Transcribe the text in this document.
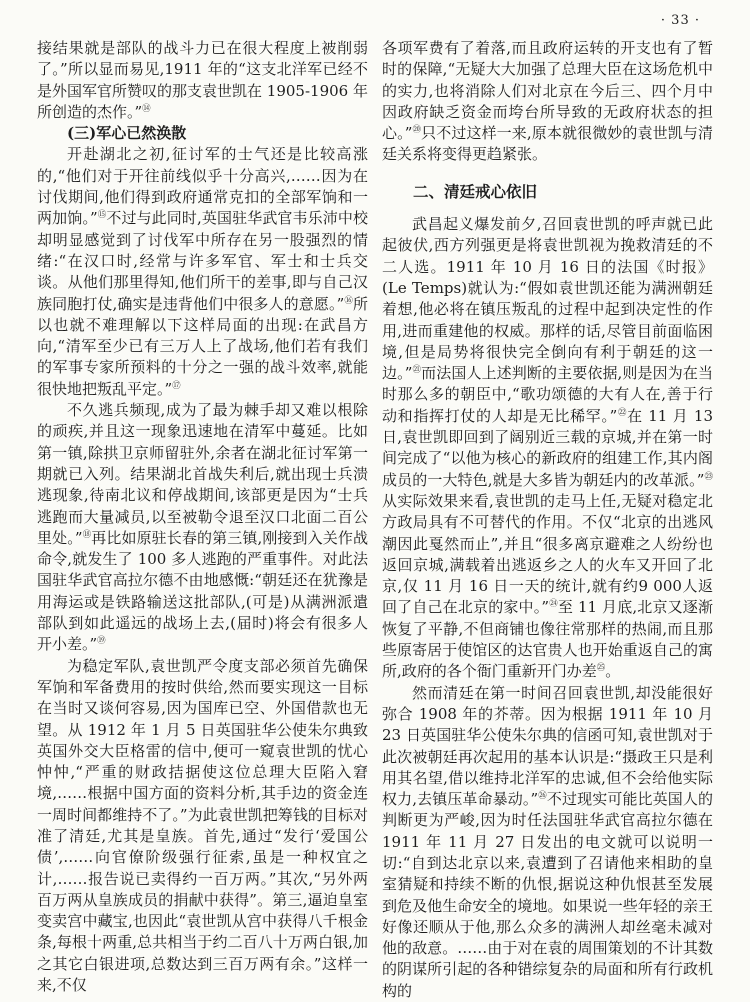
· 33 ·

接结果就是部队的战斗力已在很大程度上被削弱了。”所以显而易见,1911 年的“这支北洋军已经不是外国军官所赞叹的那支袁世凯在 1905-1906 年所创造的杰作。”⑭

(三)军心已然涣散

开赴湖北之初,征讨军的士气还是比较高涨的,“他们对于开往前线似乎十分高兴,……因为在讨伐期间,他们得到政府通常克扣的全部军饷和一两加饷。”⑮不过与此同时,英国驻华武官韦乐沛中校却明显感觉到了讨伐军中所存在另一股强烈的情绪:“在汉口时,经常与许多军官、军士和士兵交谈。从他们那里得知,他们所干的差事,即与自己汉族同胞打仗,确实是违背他们中很多人的意愿。”⑯所以也就不难理解以下这样局面的出现:在武昌方向,“清军至少已有三万人上了战场,他们若有我们的军事专家所预料的十分之一强的战斗效率,就能很快地把叛乱平定。”⑰

不久逃兵频现,成为了最为棘手却又难以根除的顽疾,并且这一现象迅速地在清军中蔓延。比如第一镇,除拱卫京师留驻外,余者在湖北征讨军第一期就已入列。结果湖北首战失利后,就出现士兵溃逃现象,待南北议和停战期间,该部更是因为“士兵逃跑而大量减员,以至被勒令退至汉口北面二百公里处。”⑱再比如原驻长春的第三镇,刚接到入关作战命令,就发生了 100 多人逃跑的严重事件。对此法国驻华武官高拉尔德不由地感慨:“朝廷还在犹豫是用海运或是铁路输送这批部队,(可是)从满洲派遣部队到如此遥远的战场上去,(届时)将会有很多人开小差。”⑲

为稳定军队,袁世凯严令度支部必须首先确保军饷和军备费用的按时供给,然而要实现这一目标在当时又谈何容易,因为国库已空、外国借款也无望。从 1912 年 1 月 5 日英国驻华公使朱尔典致英国外交大臣格雷的信中,便可一窥袁世凯的忧心忡忡,“严重的财政拮据使这位总理大臣陷入窘境,……根据中国方面的资料分析,其手边的资金连一周时间都维持不了。”为此袁世凯把筹钱的目标对准了清廷,尤其是皇族。首先,通过“发行‘爱国公债’,……向官僚阶级强行征索,虽是一种权宜之计,……报告说已卖得约一百万两。”其次,“另外两百万两从皇族成员的捐献中获得”。第三,逼迫皇室变卖宫中藏宝,也因此“袁世凯从宫中获得八千根金条,每根十两重,总共相当于约二百八十万两白银,加之其它白银进项,总数达到三百万两有余。”这样一来,不仅

各项军费有了着落,而且政府运转的开支也有了暂时的保障,“无疑大大加强了总理大臣在这场危机中的实力,也将消除人们对北京在今后三、四个月中因政府缺乏资金而垮台所导致的无政府状态的担心。”⑳只不过这样一来,原本就很微妙的袁世凯与清廷关系将变得更趋紧张。

二、清廷戒心依旧

武昌起义爆发前夕,召回袁世凯的呼声就已此起彼伏,西方列强更是将袁世凯视为挽救清廷的不二人选。1911 年 10 月 16 日的法国《时报》(Le Temps)就认为:“假如袁世凯还能为满洲朝廷着想,他必将在镇压叛乱的过程中起到决定性的作用,进而重建他的权威。那样的话,尽管目前面临困境,但是局势将很快完全倒向有利于朝廷的这一边。”$^㉑$而法国人上述判断的主要依据,则是因为在当时那么多的朝臣中,“歌功颂德的大有人在,善于行动和指挥打仗的人却是无比稀罕。”$^㉒$在 11 月 13 日,袁世凯即回到了阔别近三载的京城,并在第一时间完成了“以他为核心的新政府的组建工作,其内阁成员的一大特色,就是大多皆为朝廷内的改革派。”$^㉓$从实际效果来看,袁世凯的走马上任,无疑对稳定北方政局具有不可替代的作用。不仅“北京的出逃风潮因此戛然而止”,并且“很多离京避难之人纷纷也返回京城,满载着出逃返乡之人的火车又开回了北京,仅 11 月 16 日一天的统计,就有约9 000人返回了自己在北京的家中。”$^㉔$至 11 月底,北京又逐渐恢复了平静,不但商铺也像往常那样的热闹,而且那些原寄居于使馆区的达官贵人也开始重返自己的寓所,政府的各个衙门重新开门办差$^㉕$。

然而清廷在第一时间召回袁世凯,却没能很好弥合 1908 年的芥蒂。因为根据 1911 年 10 月 23 日英国驻华公使朱尔典的信函可知,袁世凯对于此次被朝廷再次起用的基本认识是:“摄政王只是利用其名望,借以维持北洋军的忠诚,但不会给他实际权力,去镇压革命暴动。”$^㉖$不过现实可能比英国人的判断更为严峻,因为时任法国驻华武官高拉尔德在 1911 年 11 月 27 日发出的电文就可以说明一切:“自到达北京以来,袁遭到了召请他来相助的皇室猜疑和持续不断的仇恨,据说这种仇恨甚至发展到危及他生命安全的境地。如果说一些年轻的亲王好像还顺从于他,那么众多的满洲人却丝毫未减对他的敌意。……由于对在袁的周围策划的不计其数的阴谋所引起的各种错综复杂的局面和所有行政机构的
